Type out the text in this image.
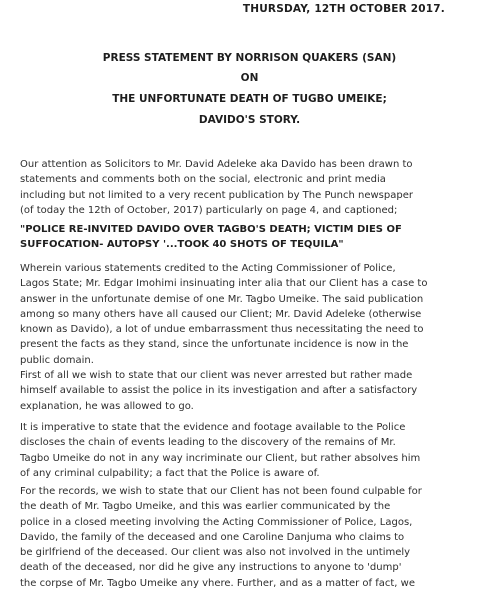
THURSDAY, 12TH OCTOBER 2017.
PRESS STATEMENT BY NORRISON QUAKERS (SAN)
ON
THE UNFORTUNATE DEATH OF TUGBO UMEIKE;
DAVIDO'S STORY.

Our attention as Solicitors to Mr. David Adeleke aka Davido has been drawn to
statements and comments both on the social, electronic and print media
including but not limited to a very recent publication by The Punch newspaper
(of today the 12th of October, 2017) particularly on page 4, and captioned;

"POLICE RE-INVITED DAVIDO OVER TAGBO'S DEATH; VICTIM DIES OF
SUFFOCATION- AUTOPSY '...TOOK 40 SHOTS OF TEQUILA"

Wherein various statements credited to the Acting Commissioner of Police,
Lagos State; Mr. Edgar Imohimi insinuating inter alia that our Client has a case to
answer in the unfortunate demise of one Mr. Tagbo Umeike. The said publication
among so many others have all caused our Client; Mr. David Adeleke (otherwise
known as Davido), a lot of undue embarrassment thus necessitating the need to
present the facts as they stand, since the unfortunate incidence is now in the
public domain.

First of all we wish to state that our client was never arrested but rather made
himself available to assist the police in its investigation and after a satisfactory
explanation, he was allowed to go.

It is imperative to state that the evidence and footage available to the Police
discloses the chain of events leading to the discovery of the remains of Mr.
Tagbo Umeike do not in any way incriminate our Client, but rather absolves him
of any criminal culpability; a fact that the Police is aware of.

For the records, we wish to state that our Client has not been found culpable for
the death of Mr. Tagbo Umeike, and this was earlier communicated by the
police in a closed meeting involving the Acting Commissioner of Police, Lagos,
Davido, the family of the deceased and one Caroline Danjuma who claims to
be girlfriend of the deceased. Our client was also not involved in the untimely
death of the deceased, nor did he give any instructions to anyone to 'dump'
the corpse of Mr. Tagbo Umeike any vhere. Further, and as a matter of fact, we
